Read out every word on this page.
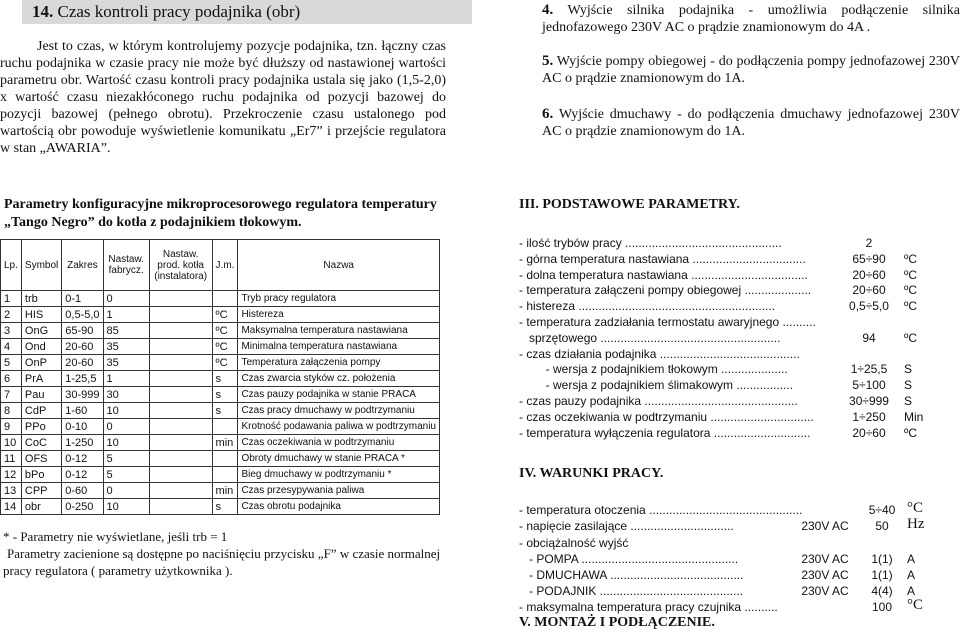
14. Czas kontroli pracy podajnika (obr)
Jest to czas, w którym kontrolujemy pozycje podajnika, tzn. łączny czas ruchu podajnika w czasie pracy nie może być dłuższy od nastawionej wartości parametru obr. Wartość czasu kontroli pracy podajnika ustala się jako (1,5-2,0) x wartość czasu niezakłóconego ruchu podajnika od pozycji bazowej do pozycji bazowej (pełnego obrotu). Przekroczenie czasu ustalonego pod wartością obr powoduje wyświetlenie komunikatu „Er7” i przejście regulatora w stan „AWARIA”.
4. Wyjście silnika podajnika - umożliwia podłączenie silnika jednofazowego 230V AC o prądzie znamionowym do 4A .
5. Wyjście pompy obiegowej - do podłączenia pompy jednofazowej 230V AC o prądzie znamionowym do 1A.
6. Wyjście dmuchawy - do podłączenia dmuchawy jednofazowej 230V AC o prądzie znamionowym do 1A.
Parametry konfiguracyjne mikroprocesorowego regulatora temperatury „Tango Negro” do kotła z podajnikiem tłokowym.
Lp.	Symbol	Zakres	Nastaw. fabrycz.	Nastaw. prod. kotła (instalatora)	J.m.	Nazwa
1	trb	0-1	0			Tryb pracy regulatora
2	HIS	0,5-5,0	1		ºC	Histereza
3	OnG	65-90	85		ºC	Maksymalna temperatura nastawiana
4	Ond	20-60	35		ºC	Minimalna temperatura nastawiana
5	OnP	20-60	35		ºC	Temperatura załączenia pompy
6	PrA	1-25,5	1		s	Czas zwarcia styków cz. położenia
7	Pau	30-999	30		s	Czas pauzy podajnika w stanie PRACA
8	CdP	1-60	10		s	Czas pracy dmuchawy w podtrzymaniu
9	PPo	0-10	0			Krotność podawania paliwa w podtrzymaniu
10	CoC	1-250	10		min	Czas oczekiwania w podtrzymaniu
11	OFS	0-12	5			Obroty dmuchawy w stanie PRACA *
12	bPo	0-12	5			Bieg dmuchawy w podtrzymaniu *
13	CPP	0-60	0		min	Czas przesypywania paliwa
14	obr	0-250	10		s	Czas obrotu podajnika
* - Parametry nie wyświetlane, jeśli trb = 1
Parametry zacienione są dostępne po naciśnięciu przycisku „F” w czasie normalnej pracy regulatora ( parametry użytkownika ).
III. PODSTAWOWE PARAMETRY.
- ilość trybów pracy ...............................................	2
- górna temperatura nastawiana ..................................	65÷90	ºC
- dolna temperatura nastawiana ...................................	20÷60	ºC
- temperatura załączeni pompy obiegowej ....................	20÷60	ºC
- histereza ...........................................................	0,5÷5,0	ºC
- temperatura zadziałania termostatu awaryjnego ..........
sprzętowego ......................................................	94	ºC
- czas działania podajnika ..........................................
- wersja z podajnikiem tłokowym ....................	1÷25,5	S
- wersja z podajnikiem ślimakowym .................	5÷100	S
- czas pauzy podajnika ..............................................	30÷999	S
- czas oczekiwania w podtrzymaniu ...............................	1÷250	Min
- temperatura wyłączenia regulatora .............................	20÷60	ºC
IV. WARUNKI PRACY.
- temperatura otoczenia ..............................................	5÷40 °C
- napięcie zasilające ...............................	230V AC	50	Hz
- obciążalność wyjść
- POMPA ...............................................	230V AC	1(1)	A
- DMUCHAWA ........................................	230V AC	1(1)	A
- PODAJNIK ...........................................	230V AC	4(4)	A
- maksymalna temperatura pracy czujnika ..........	100 °C
V. MONTAŻ I PODŁĄCZENIE.
